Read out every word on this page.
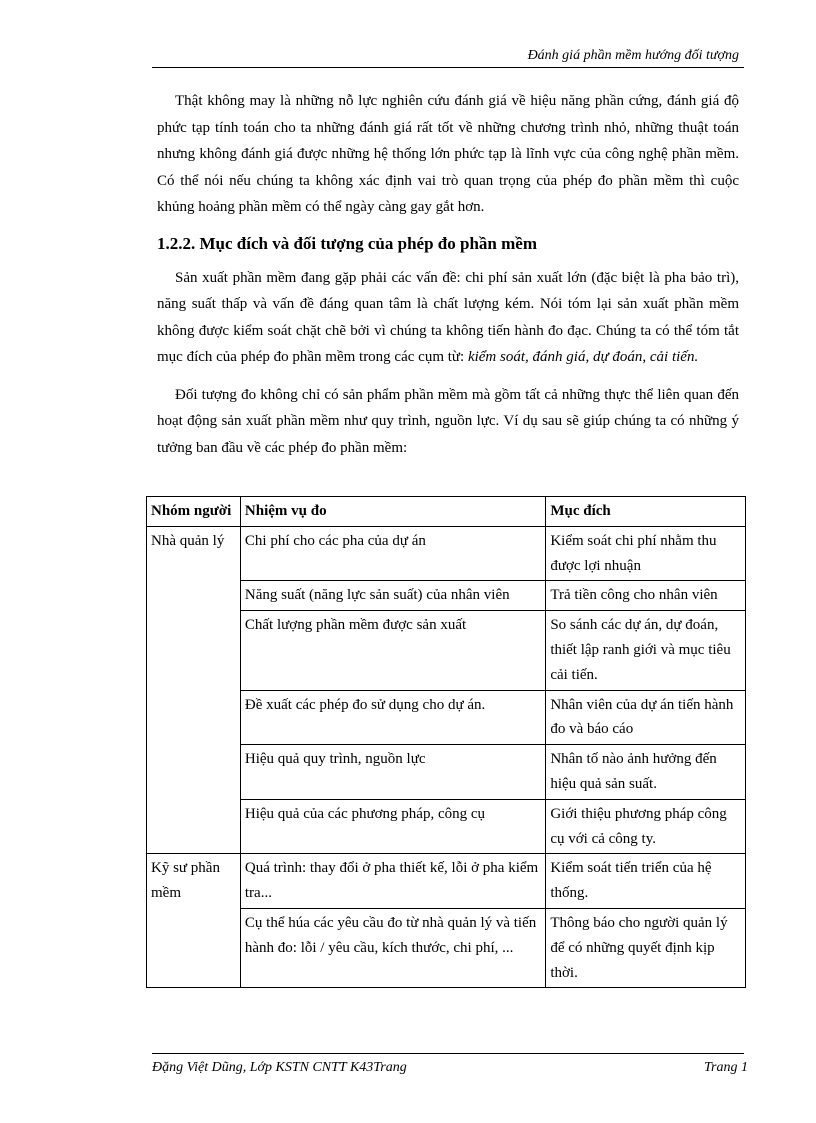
Đánh giá phần mềm hướng đối tượng

Thật không may là những nỗ lực nghiên cứu đánh giá về hiệu năng phần cứng, đánh giá độ phức tạp tính toán cho ta những đánh giá rất tốt về những chương trình nhỏ, những thuật toán nhưng không đánh giá được những hệ thống lớn phức tạp là lĩnh vực của công nghệ phần mềm. Có thể nói nếu chúng ta không xác định vai trò quan trọng của phép đo phần mềm thì cuộc khủng hoảng phần mềm có thể ngày càng gay gắt hơn.

1.2.2. Mục đích và đối tượng của phép đo phần mềm

Sản xuất phần mềm đang gặp phải các vấn đề: chi phí sản xuất lớn (đặc biệt là pha bảo trì), năng suất thấp và vấn đề đáng quan tâm là chất lượng kém. Nói tóm lại sản xuất phần mềm không được kiểm soát chặt chẽ bởi vì chúng ta không tiến hành đo đạc. Chúng ta có thể tóm tắt mục đích của phép đo phần mềm trong các cụm từ: kiểm soát, đánh giá, dự đoán, cải tiến.

Đối tượng đo không chỉ có sản phẩm phần mềm mà gồm tất cả những thực thể liên quan đến hoạt động sản xuất phần mềm như quy trình, nguồn lực. Ví dụ sau sẽ giúp chúng ta có những ý tưởng ban đầu về các phép đo phần mềm:

Nhóm người	Nhiệm vụ đo	Mục đích
Nhà quản lý	Chi phí cho các pha của dự án	Kiểm soát chi phí nhằm thu được lợi nhuận
	Năng suất (năng lực sản suất) của nhân viên	Trả tiền công cho nhân viên
	Chất lượng phần mềm được sản xuất	So sánh các dự án, dự đoán, thiết lập ranh giới và mục tiêu cải tiến.
	Đề xuất các phép đo sử dụng cho dự án.	Nhân viên của dự án tiến hành đo và báo cáo
	Hiệu quả quy trình, nguồn lực	Nhân tố nào ảnh hưởng đến hiệu quả sản suất.
	Hiệu quả của các phương pháp, công cụ	Giới thiệu phương pháp công cụ với cả công ty.
Kỹ sư phần mềm	Quá trình: thay đổi ở pha thiết kế, lỗi ở pha kiểm tra...	Kiểm soát tiến triển của hệ thống.
	Cụ thể húa các yêu cầu đo từ nhà quản lý và tiến hành đo: lỗi / yêu cầu, kích thước, chi phí, ...	Thông báo cho người quản lý để có những quyết định kịp thời.
Đặng Việt Dũng, Lớp KSTN CNTT K43Trang	Trang 1
